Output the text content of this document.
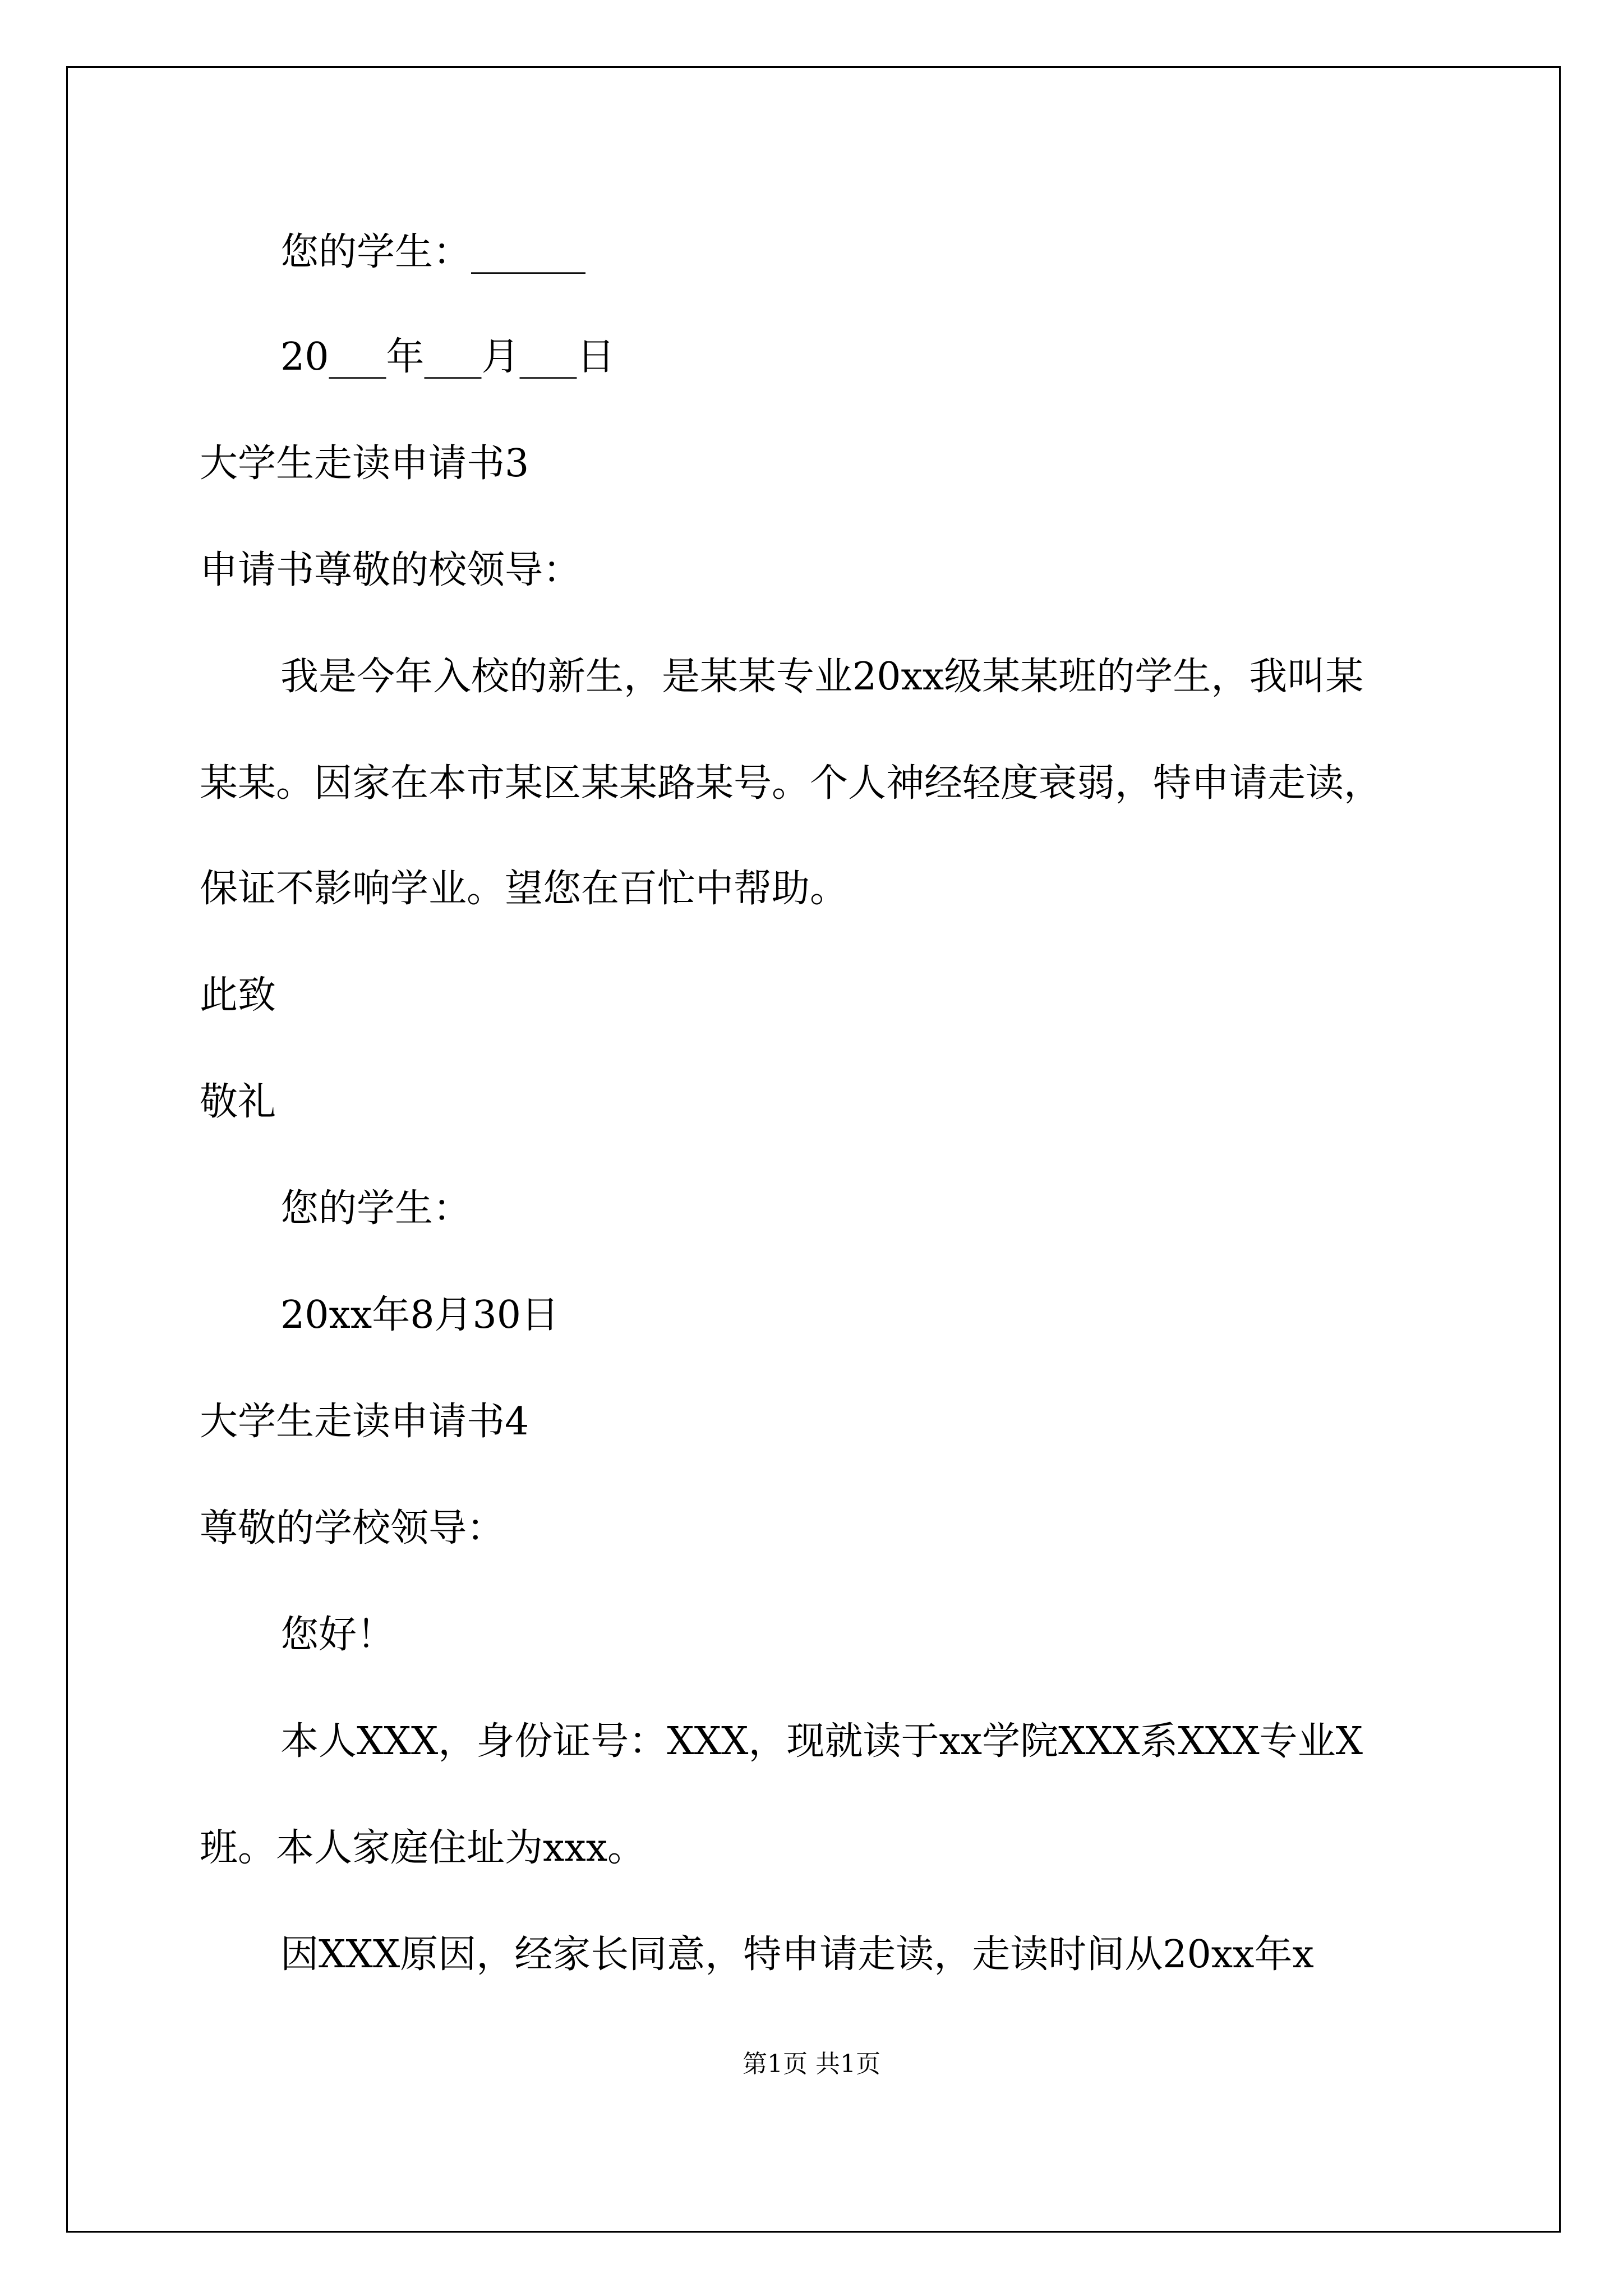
您的学生：______
20___年___月___日
大学生走读申请书3
申请书尊敬的校领导：
我是今年入校的新生，是某某专业20xx级某某班的学生，我叫某
某某。因家在本市某区某某路某号。个人神经轻度衰弱，特申请走读，
保证不影响学业。望您在百忙中帮助。
此致
敬礼
您的学生：
20xx年8月30日
大学生走读申请书4
尊敬的学校领导：
您好！
本人XXX，身份证号：XXX，现就读于xx学院XXX系XXX专业X
班。本人家庭住址为xxx。
因XXX原因，经家长同意，特申请走读，走读时间从20xx年x
第1页 共1页
